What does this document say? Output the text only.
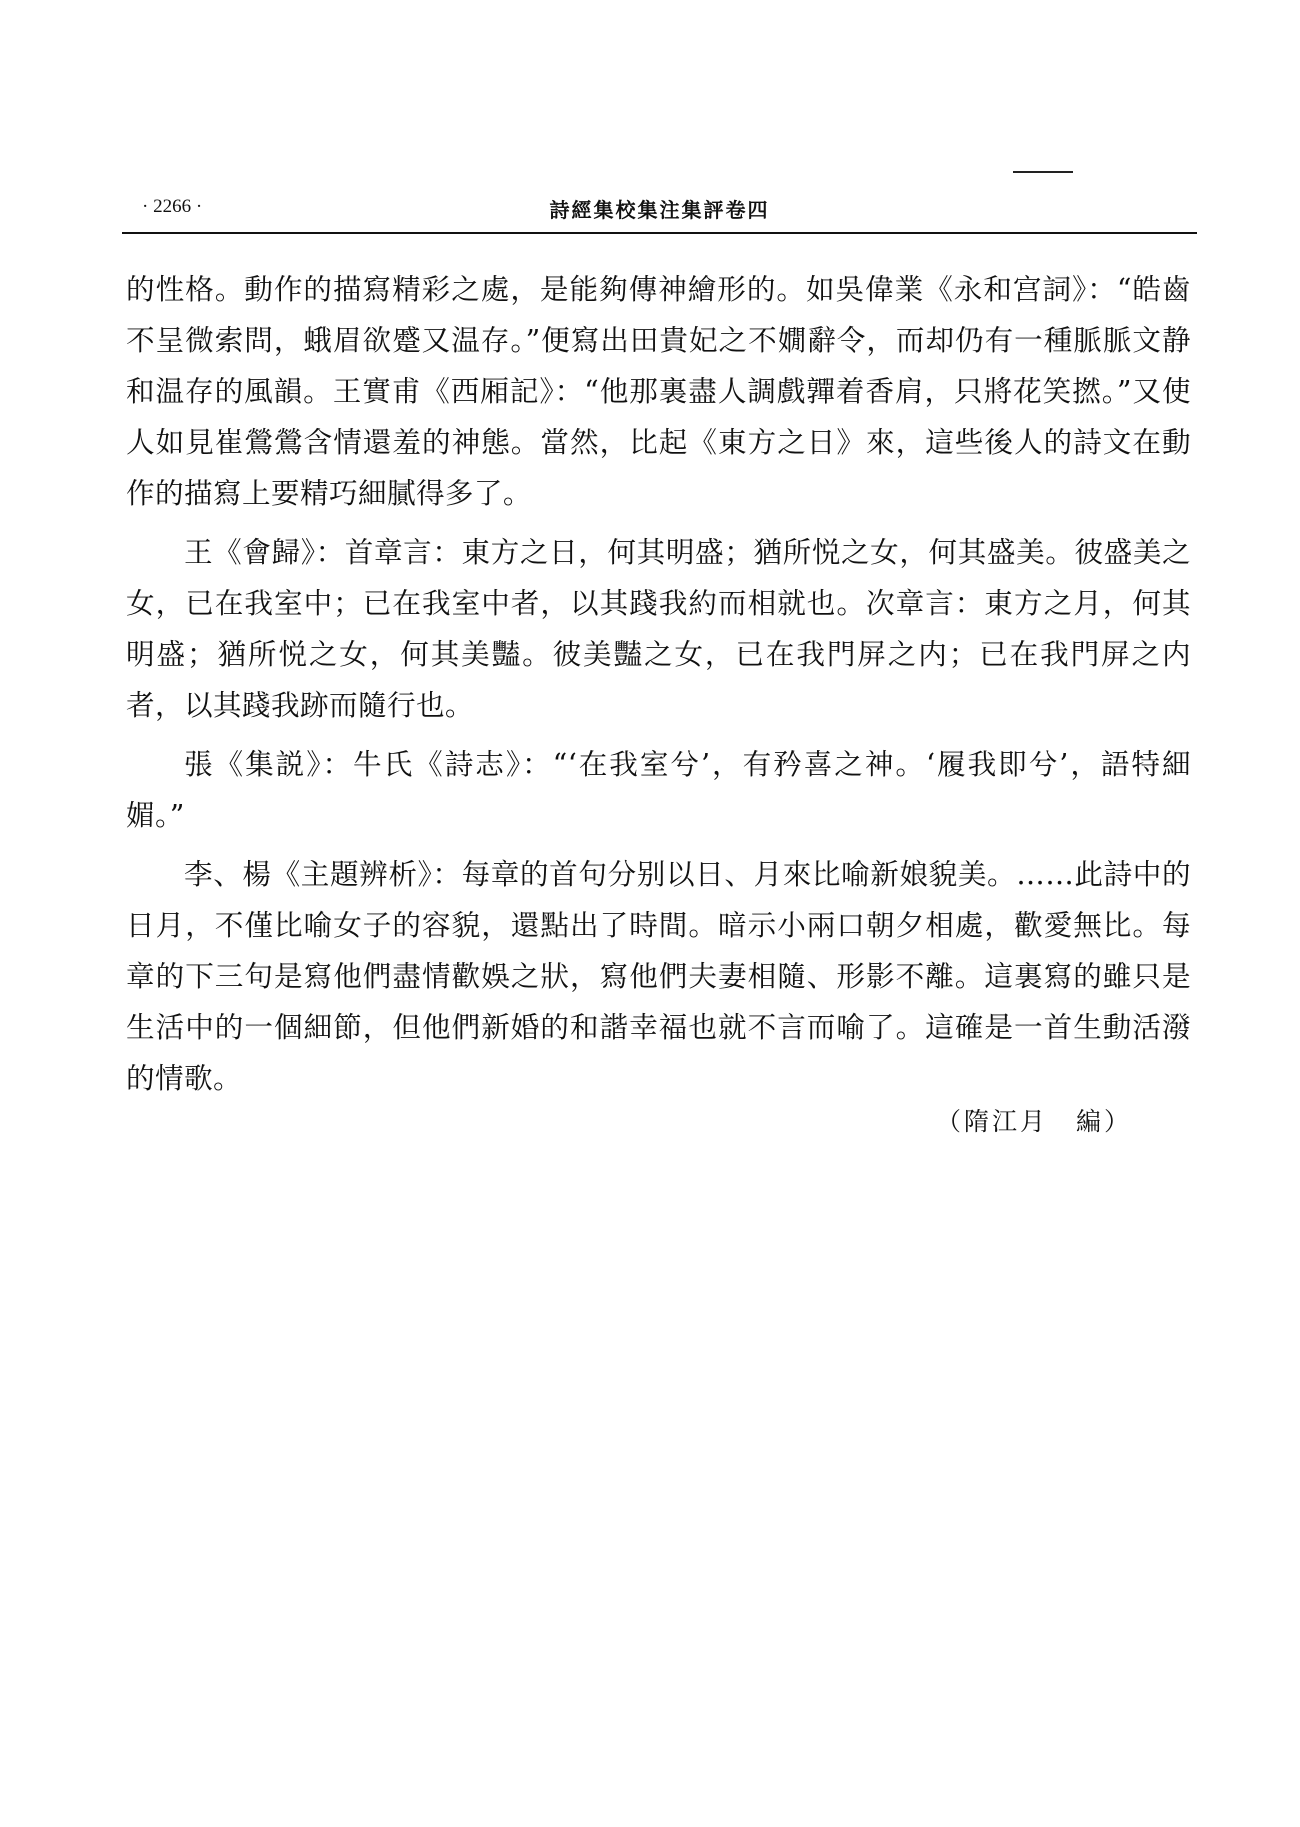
· 2266 ·	詩經集校集注集評卷四

的性格。動作的描寫精彩之處，是能夠傳神繪形的。如吳偉業《永和宫詞》：“皓齒不呈微索問，蛾眉欲蹙又温存。”便寫出田貴妃之不嫺辭令，而却仍有一種脈脈文静和温存的風韻。王實甫《西厢記》：“他那裏盡人調戲嚲着香肩，只將花笑撚。”又使人如見崔鶯鶯含情還羞的神態。當然，比起《東方之日》來，這些後人的詩文在動作的描寫上要精巧細膩得多了。

王《會歸》：首章言：東方之日，何其明盛；猶所悦之女，何其盛美。彼盛美之女，已在我室中；已在我室中者，以其踐我約而相就也。次章言：東方之月，何其明盛；猶所悦之女，何其美豔。彼美豔之女，已在我門屏之内；已在我門屏之内者，以其踐我跡而隨行也。

張《集説》：牛氏《詩志》：“‘在我室兮’，有矜喜之神。‘履我即兮’，語特細媚。”

李、楊《主題辨析》：每章的首句分别以日、月來比喻新娘貌美。……此詩中的日月，不僅比喻女子的容貌，還點出了時間。暗示小兩口朝夕相處，歡愛無比。每章的下三句是寫他們盡情歡娛之狀，寫他們夫妻相隨、形影不離。這裏寫的雖只是生活中的一個細節，但他們新婚的和諧幸福也就不言而喻了。這確是一首生動活潑的情歌。

（隋江月　編）
